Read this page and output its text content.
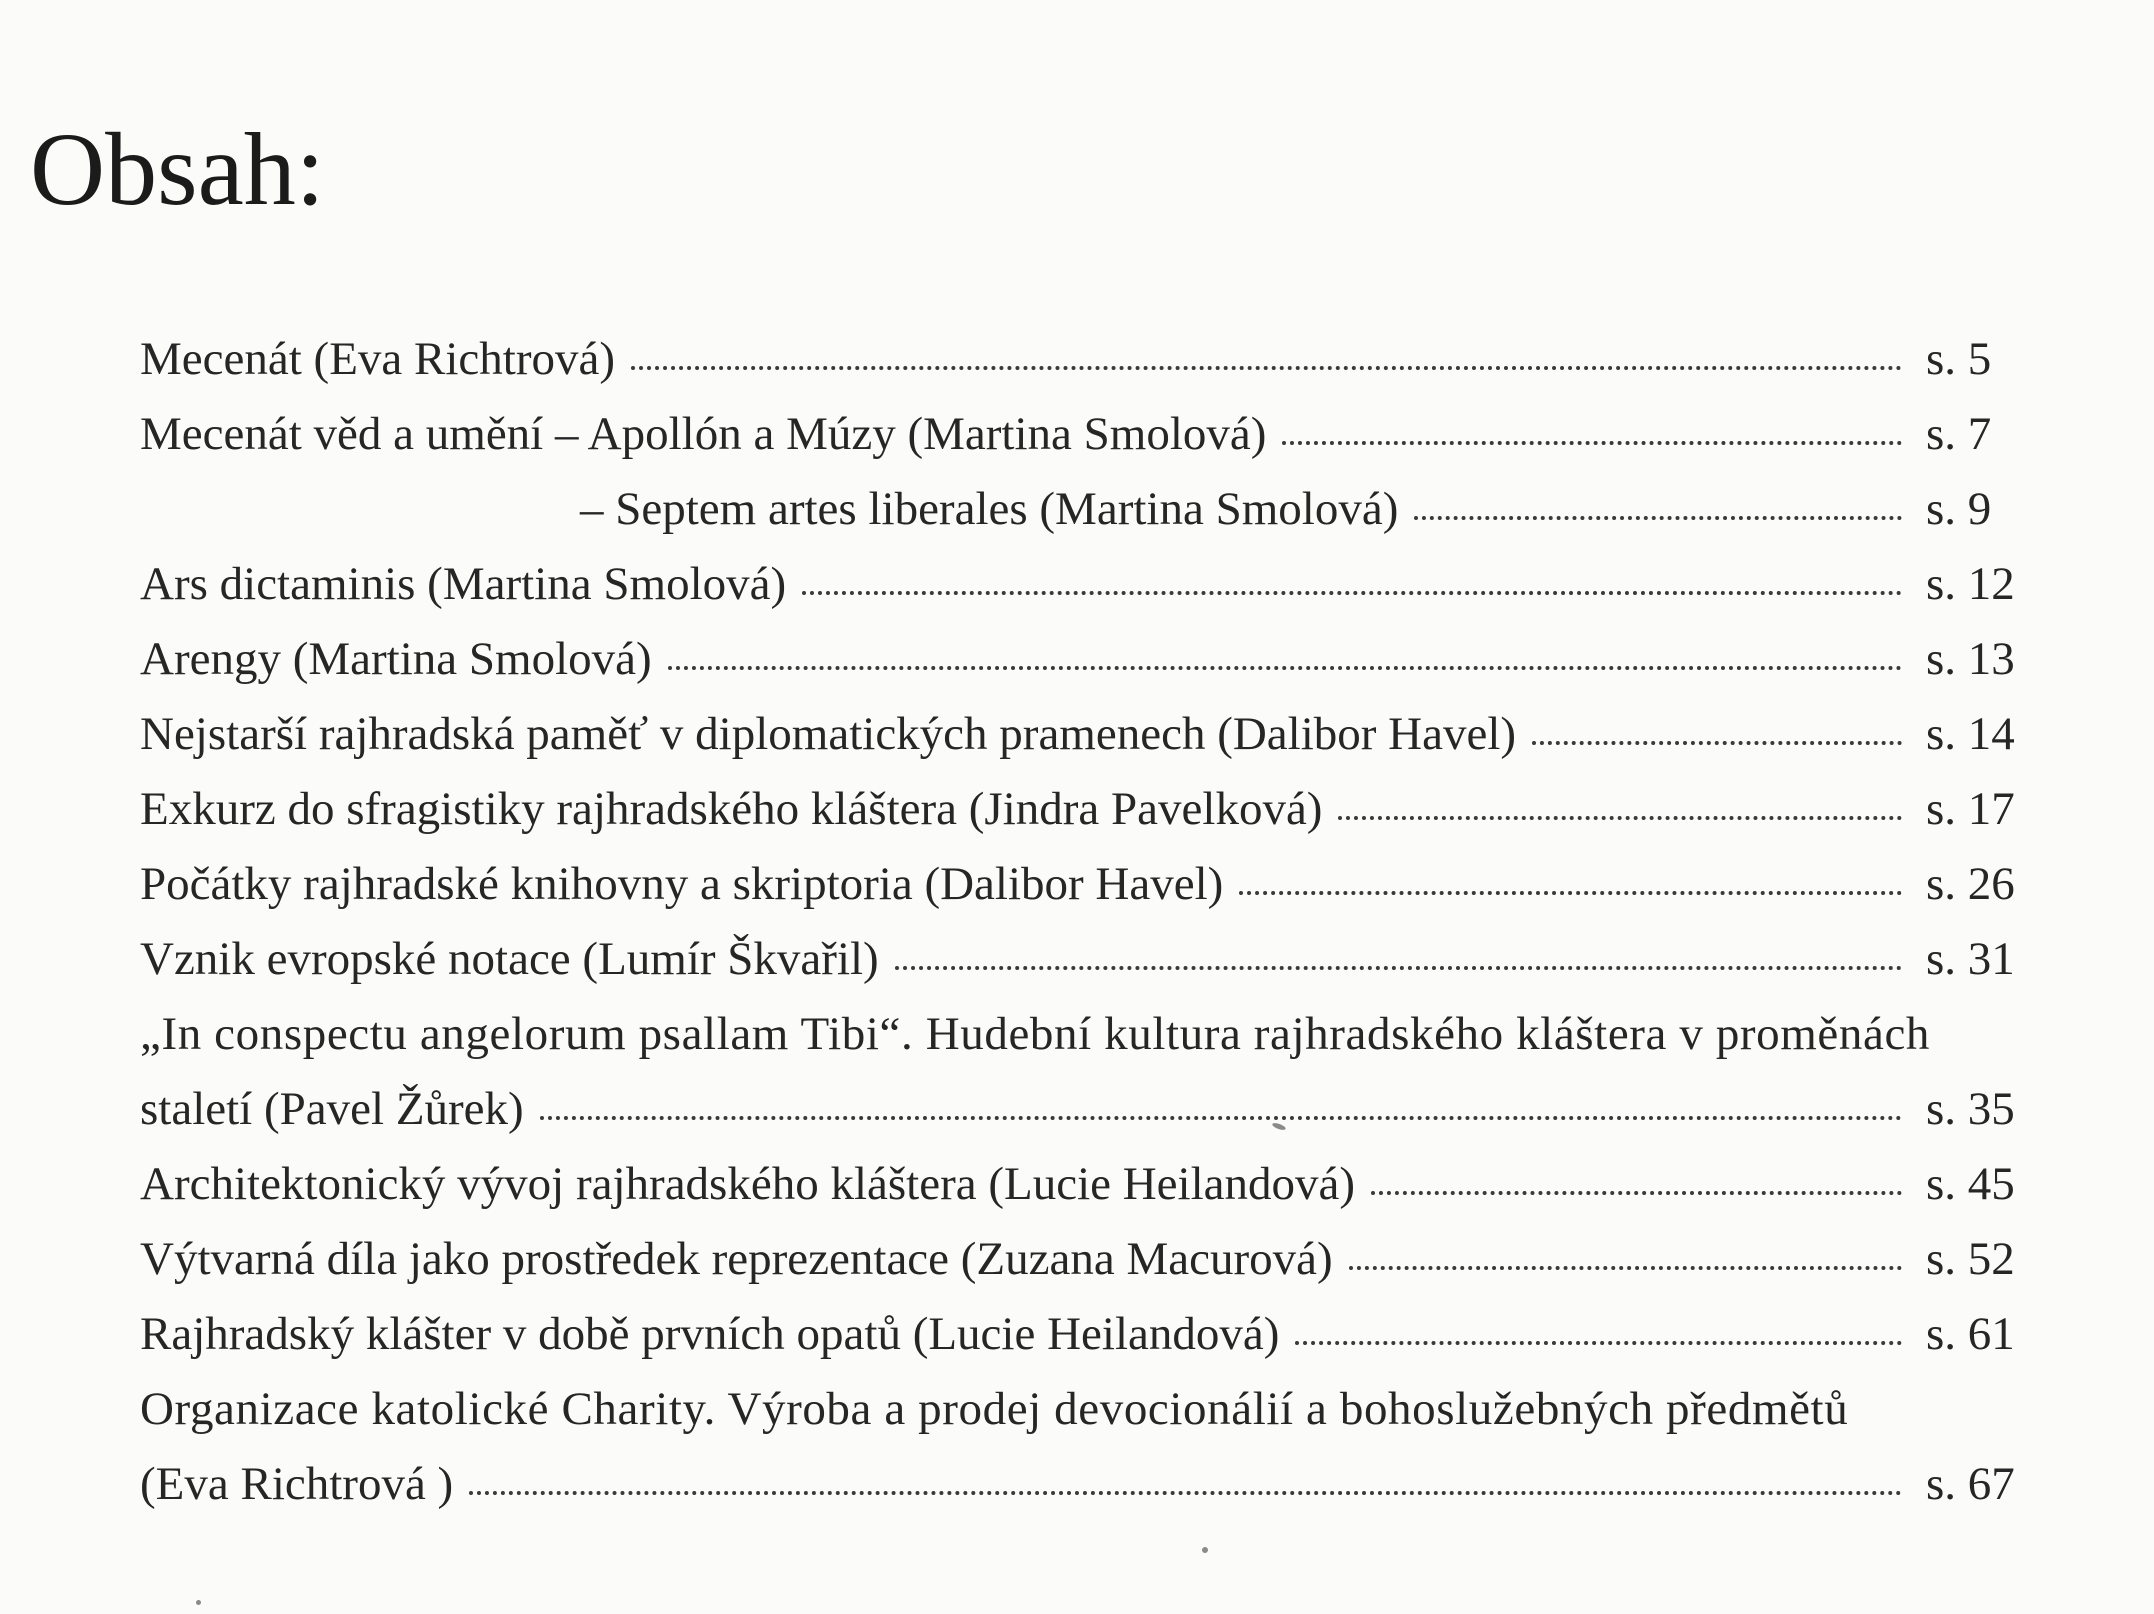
Obsah:
Mecenát (Eva Richtrová)	s. 5
Mecenát věd a umění – Apollón a Múzy (Martina Smolová)	s. 7
– Septem artes liberales (Martina Smolová)	s. 9
Ars dictaminis (Martina Smolová)	s. 12
Arengy (Martina Smolová)	s. 13
Nejstarší rajhradská paměť v diplomatických pramenech (Dalibor Havel)	s. 14
Exkurz do sfragistiky rajhradského kláštera (Jindra Pavelková)	s. 17
Počátky rajhradské knihovny a skriptoria (Dalibor Havel)	s. 26
Vznik evropské notace (Lumír Škvařil)	s. 31
„In conspectu angelorum psallam Tibi“. Hudební kultura rajhradského kláštera v proměnách
staletí (Pavel Žůrek)	s. 35
Architektonický vývoj rajhradského kláštera (Lucie Heilandová)	s. 45
Výtvarná díla jako prostředek reprezentace (Zuzana Macurová)	s. 52
Rajhradský klášter v době prvních opatů (Lucie Heilandová)	s. 61
Organizace katolické Charity. Výroba a prodej devocionálií a bohoslužebných předmětů
(Eva Richtrová )	s. 67
